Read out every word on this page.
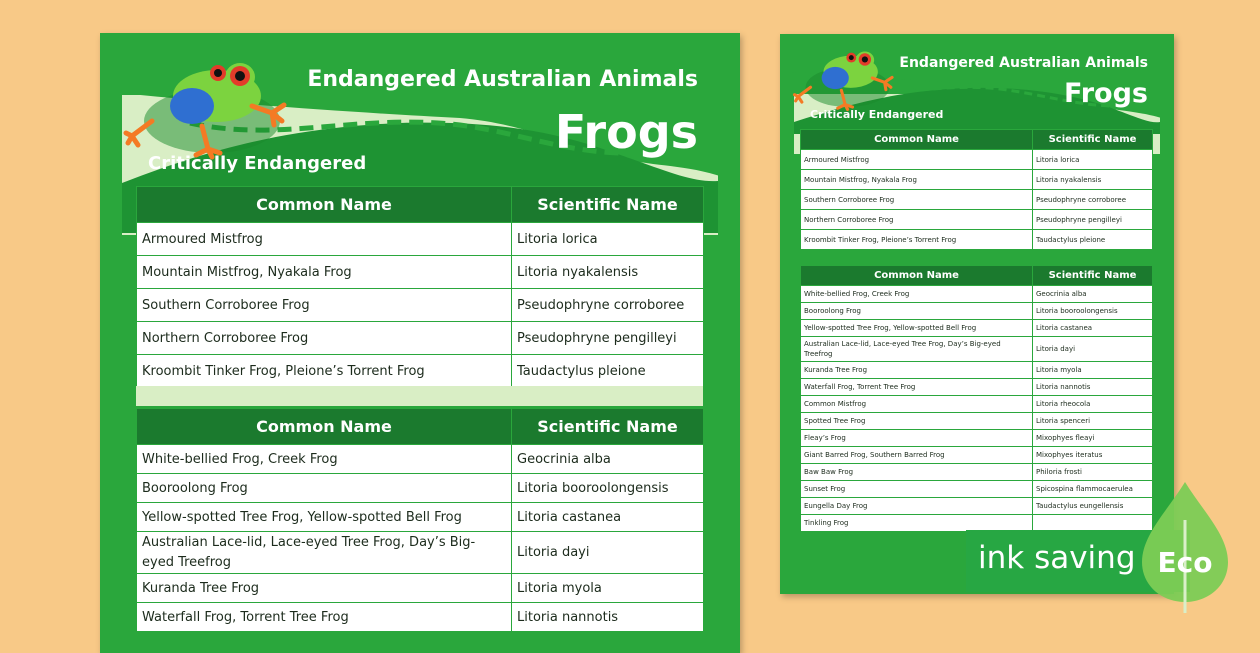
Endangered Australian Animals
Frogs
Critically Endangered
Common Name	Scientific Name
Armoured Mistfrog	Litoria lorica
Mountain Mistfrog, Nyakala Frog	Litoria nyakalensis
Southern Corroboree Frog	Pseudophryne corroboree
Northern Corroboree Frog	Pseudophryne pengilleyi
Kroombit Tinker Frog, Pleione’s Torrent Frog	Taudactylus pleione
Common Name	Scientific Name
White-bellied Frog, Creek Frog	Geocrinia alba
Booroolong Frog	Litoria booroolongensis
Yellow-spotted Tree Frog, Yellow-spotted Bell Frog	Litoria castanea
Australian Lace-lid, Lace-eyed Tree Frog, Day’s Big-eyed Treefrog	Litoria dayi
Kuranda Tree Frog	Litoria myola
Waterfall Frog, Torrent Tree Frog	Litoria nannotis
Endangered Australian Animals
Frogs
Critically Endangered
Common Name	Scientific Name
Armoured Mistfrog	Litoria lorica
Mountain Mistfrog, Nyakala Frog	Litoria nyakalensis
Southern Corroboree Frog	Pseudophryne corroboree
Northern Corroboree Frog	Pseudophryne pengilleyi
Kroombit Tinker Frog, Pleione’s Torrent Frog	Taudactylus pleione
Common Name	Scientific Name
White-bellied Frog, Creek Frog	Geocrinia alba
Booroolong Frog	Litoria booroolongensis
Yellow-spotted Tree Frog, Yellow-spotted Bell Frog	Litoria castanea
Australian Lace-lid, Lace-eyed Tree Frog, Day’s Big-eyed Treefrog	Litoria dayi
Kuranda Tree Frog	Litoria myola
Waterfall Frog, Torrent Tree Frog	Litoria nannotis
Common Mistfrog	Litoria rheocola
Spotted Tree Frog	Litoria spenceri
Fleay’s Frog	Mixophyes fleayi
Giant Barred Frog, Southern Barred Frog	Mixophyes iteratus
Baw Baw Frog	Philoria frosti
Sunset Frog	Spicospina flammocaerulea
Eungella Day Frog	Taudactylus eungellensis
Tinkling Frog	
ink saving Eco
